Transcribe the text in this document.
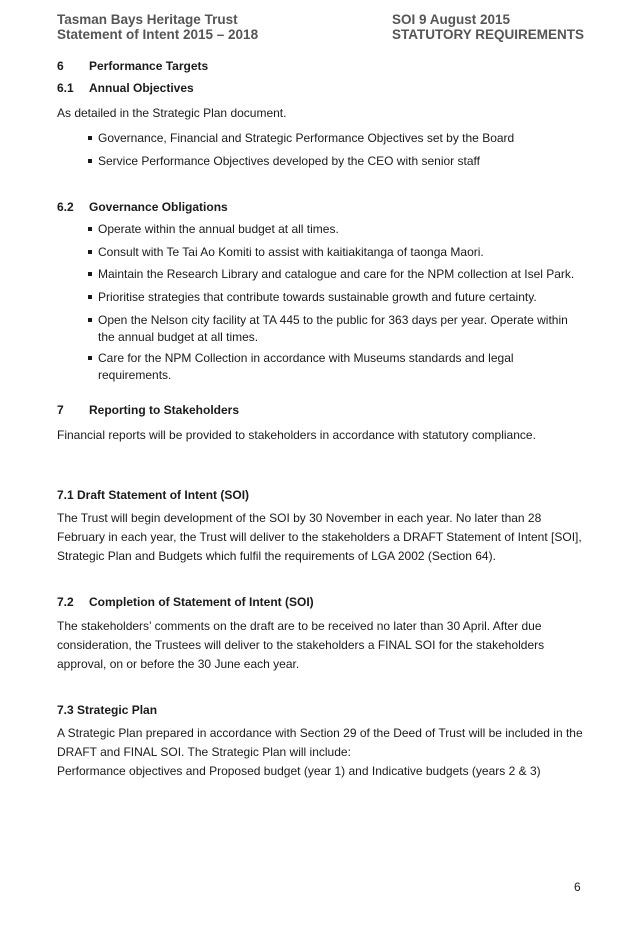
Tasman Bays Heritage Trust
Statement of Intent 2015 – 2018
SOI 9 August 2015
STATUTORY REQUIREMENTS
6 Performance Targets
6.1 Annual Objectives
As detailed in the Strategic Plan document.
Governance, Financial and Strategic Performance Objectives set by the Board
Service Performance Objectives developed by the CEO with senior staff
6.2 Governance Obligations
Operate within the annual budget at all times.
Consult with Te Tai Ao Komiti to assist with kaitiakitanga of taonga Maori.
Maintain the Research Library and catalogue and care for the NPM collection at Isel Park.
Prioritise strategies that contribute towards sustainable growth and future certainty.
Open the Nelson city facility at TA 445 to the public for 363 days per year. Operate within the annual budget at all times.
Care for the NPM Collection in accordance with Museums standards and legal requirements.
7 Reporting to Stakeholders
Financial reports will be provided to stakeholders in accordance with statutory compliance.
7.1 Draft Statement of Intent (SOI)
The Trust will begin development of the SOI by 30 November in each year. No later than 28 February in each year, the Trust will deliver to the stakeholders a DRAFT Statement of Intent [SOI], Strategic Plan and Budgets which fulfil the requirements of LGA 2002 (Section 64).
7.2 Completion of Statement of Intent (SOI)
The stakeholders’ comments on the draft are to be received no later than 30 April. After due consideration, the Trustees will deliver to the stakeholders a FINAL SOI for the stakeholders approval, on or before the 30 June each year.
7.3 Strategic Plan
A Strategic Plan prepared in accordance with Section 29 of the Deed of Trust will be included in the DRAFT and FINAL SOI. The Strategic Plan will include:
Performance objectives and Proposed budget (year 1) and Indicative budgets (years 2 & 3)
6
